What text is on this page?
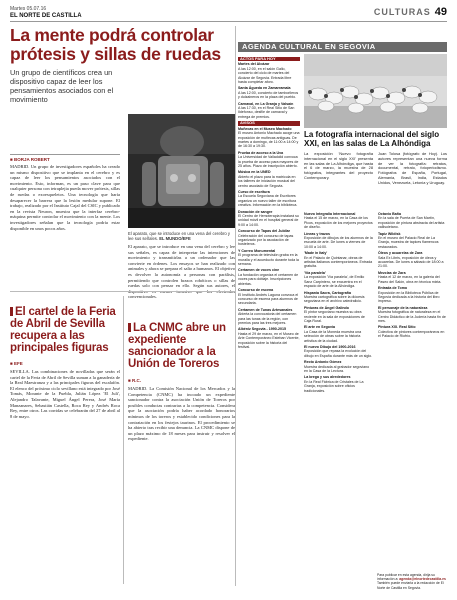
Martes 05.07.16
EL NORTE DE CASTILLA	CULTURAS 49
La mente podrá controlar prótesis y sillas de ruedas

Un grupo de científicos crea un dispositivo capaz de leer los pensamientos asociados con el movimiento

■ BORJA ROBERT
MADRID. Un grupo de investigadores españoles ha creado un mismo dispositivo que se implanta en el cerebro y es capaz de leer los pensamientos asociados con el movimiento. Esto, informan, es un paso clave para que cualquier persona con tetraplejia pueda mover prótesis, sillas de ruedas o exoesqueletos. Una tecnología que haría desaparecer la barrera que la lesión medular supone. El trabajo, realizado por el Instituto Cajal del CSIC y publicado en la revista Neuron, muestra que la interfaz cerebro-máquina permite controlar el movimiento con la mente. Los investigadores señalan que la tecnología podría estar disponible en unos pocos años.
El aparato, que se introduce en una vena del cerebro y lee sus señales. EL MUNDO/EFE
El aparato, que se introduce en una vena del cerebro y lee sus señales, es capaz de interpretar las intenciones de movimiento y transmitirlas a un ordenador que las convierte en órdenes. Los ensayos se han realizado con animales y ahora se prepara el salto a humanos. El objetivo es devolver la autonomía a personas con parálisis, permitiendo que controlen brazos robóticos o sillas de ruedas solo con pensar en ello. Según sus autores, el convencionales.
El cartel de la Feria de Abril de Sevilla recupera a las principales figuras
■ EFE
SEVILLA. Las combinaciones de novilladas que serán el cartel de la Feria de Abril de Sevilla suman a la ganadería de la Real Maestranza y a las principales figuras del escalafón. El elenco del próximo ciclo sevillano está integrado por José Tomás, Morante de la Puebla, Julián López 'El Juli', Alejandro Talavante, Miguel Ángel Perera, José María Manzanares, Sebastián Castella, Roca Rey y Andrés Roca Rey, entre otros. Las corridas se celebrarán del 27 de abril al 8 de mayo.
La CNMC abre un expediente sancionador a la Unión de Toreros
■ R.C.
MADRID. La Comisión Nacional de los Mercados y la Competencia (CNMC) ha incoado un expediente sancionador contra la asociación Unión de Toreros por posibles conductas contrarias a la competencia. Considera que la asociación podría haber acordado honorarios mínimos de los toreros y establecido condiciones para la contratación en los festejos taurinos. El procedimiento se ha abierto tras recibir una denuncia. La CNMC dispone de un plazo máximo de 18 meses para instruir y resolver el expediente.
AGENDA CULTURAL EN SEGOVIA
ACTOS PARA HOY
Martes del Alcázar
A las 12:00, en el salón Gallo, concierto del ciclo de martes del Alcázar de Segovia. Entrada libre hasta completar aforo.
Santa Águeda en Zamarramala
A las 12:00, concierto de tamborileros y dulzaineros en la plaza del pueblo.
Carnaval, en La Granja y Valsaín
A las 17:30, en el Real Sitio de San Ildefonso, desfile de carnaval y entrega de premios.
AVISOS
Muñecas en el Museo Machado
El museo Antonio Machado acoge una exposición de muñecas antiguas. De martes a domingo, de 11:00 a 14:00 y de 16:30 a 19:30.
Prueba de acceso a la Uva
La Universidad de Valladolid convoca la prueba de acceso para mayores de 25 años. Plazo de inscripción abierto.
Música en la UNED
Abierto el plazo para la matrícula en los talleres de iniciación musical del centro asociado de Segovia.
Curso de escritura
La Escuela Segoviana de Escritores organiza un nuevo taller de escritura creativa. Información en la biblioteca.
Donación de sangre
El Centro de Hemoterapia instalará su unidad móvil en el hospital general de 9:00 a 14:00.
Concurso de Tapas del Jubilar
Celebración del concurso de tapas organizado por la asociación de hosteleros.
Y Correo Monumental
El programa de televisión graba en la muralla y el acueducto durante toda la semana.
Certamen de voces cine
La fundación organiza el certamen de voces para doblaje. Inscripciones abiertas.
Concurso de escena
El Instituto Andrés Laguna convoca el concurso de escena para alumnos de secundaria.
Certamen de Tunas Artesanales
Abierta la convocatoria del certamen para las tunas de la región, con premios para las tres mejores.
Albéniz Segovia - 1990-2015
Hasta el 29 de marzo, en el Museo de Arte Contemporáneo Esteban Vicente, exposición sobre la historia del festival.
La fotografía internacional del siglo XXI, en las salas de La Alhóndiga
La exposición 'Nuevo fotografía internacional en el siglo XXI' presenta en las salas de La Alhóndiga, que hasta el 6 de marzo, la muestra de 28 fotógrafos, integrantes del proyecto Contemporary.
Juan Tolosa (fotógrafo de Hoy). Los autores representan una nueva forma de ver la fotografía: retratos, documental, retrato, fotoperiodismo. Fotógrafos de España, Portugal, Alemania, Brasil, India, Estados Unidos, Venezuela, Letonia y Uruguay.
Nuevo Integralia Internacional
Hasta el 15 de marzo, en la Casa de los Picos, exposición de los mejores proyectos de diseño.
Líneas y trazos
Exposición de dibujos de los alumnos de la escuela de arte. De lunes a viernes de 10:00 a 14:00.
'Made in Italy'
En el Palacio de Quintanar, obras de artistas italianos contemporáneos. Entrada gratuita.
'Vía paralela'
La exposición 'Vía paralela', de Emilio Sanz Carpintero, se encuentra en el espacio de arte de la Alhóndiga.
Hispania Sacra, Cartografía
Muestra cartográfica sobre la diócesis segoviana en el archivo catedralicio.
Pinturas de Ángel Galindo
El pintor segoviano muestra su obra reciente en la sala de exposiciones de Caja Rural.
El arte en Segovia
La Casa de la Moneda muestra una selección de obras sobre la historia artística de la ciudad.
El nuevo Dibujo del 1900-2016
Exposición que repasa la evolución del dibujo en España durante más de un siglo.
Recto Antonio Gómez
Muestra dedicada al grabador segoviano en la Casa de la Lectura.
La brega y sus alrededores
En la Real Fábrica de Cristales de La Granja, exposición sobre oficios tradicionales.
Octavio Baña
En la sala de Puerta de San Martín, exposición de pintura abstracta del artista vallisoletano.
Tapiz Wildisk
En el museo del Palacio Real de La Granja, muestra de tapices flamencos restaurados.
Óleos y acuarelas de Zara
Sala Ex Libris, exposición de óleos y acuarelas. De lunes a sábado de 18:00 a 21:00.
Mezclas de Zara
Hasta el 12 de marzo, en la galería del Paseo del Salón, obra en técnica mixta.
Entrada de Tomo
Exposición en la Biblioteca Pública de Segovia dedicada a la historia del libro impreso.
El personaje de la naturaleza
Muestra fotográfica de naturaleza en el Centro Didáctico de la Judería hasta fin de mes.
Pintura XXI. Real Sitio
Colectiva de pintores contemporáneos en el Palacio de Riofrío.
Para publicar en esta agenda, dirija su información a: agenda@elnortedecastilla.es También puede enviarla a la redacción de El Norte de Castilla en Segovia.
